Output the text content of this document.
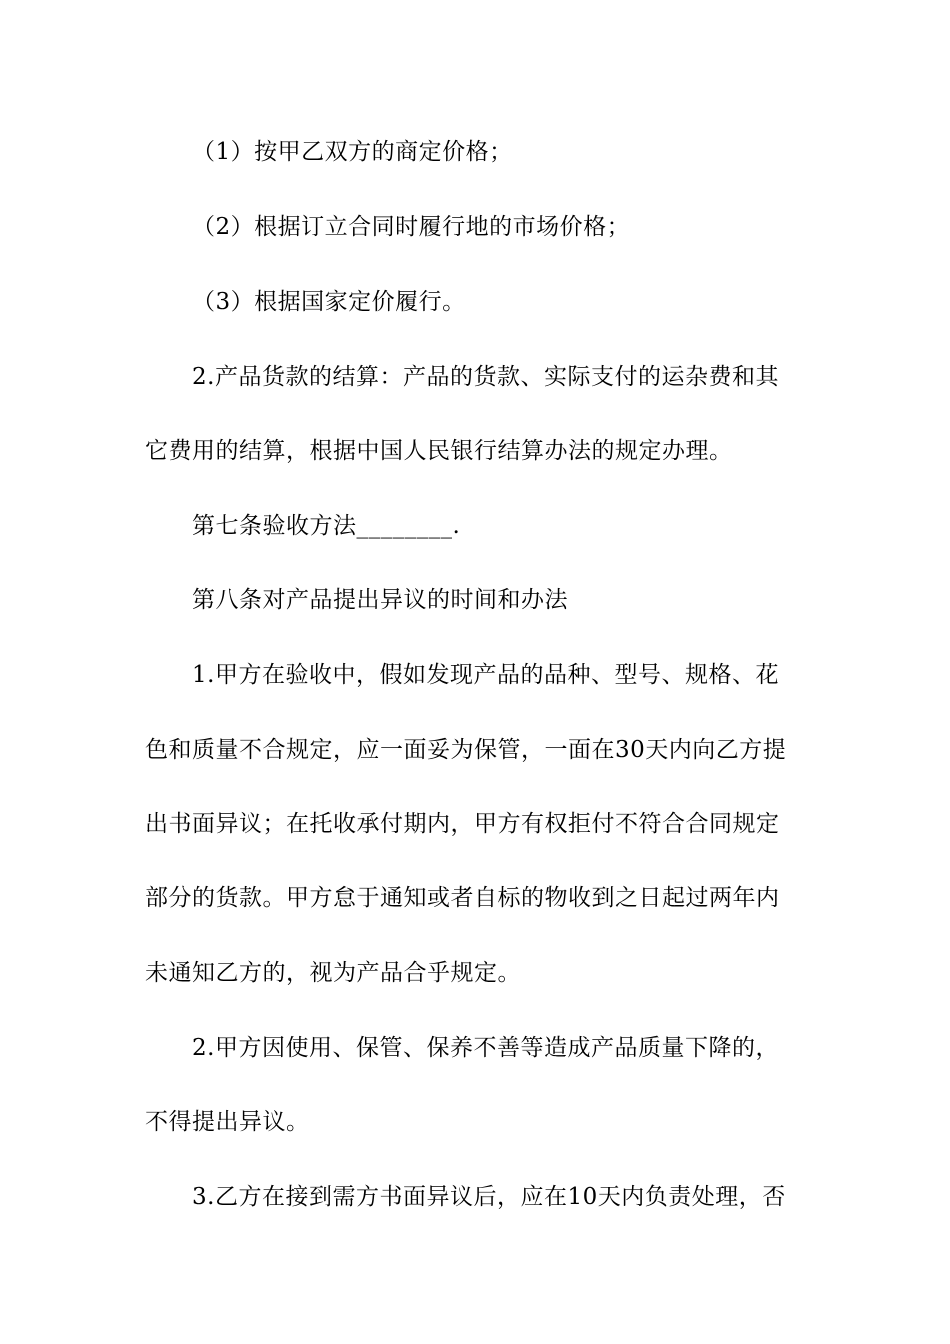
（1）按甲乙双方的商定价格；
（2）根据订立合同时履行地的市场价格；
（3）根据国家定价履行。
2.产品货款的结算：产品的货款、实际支付的运杂费和其
它费用的结算，根据中国人民银行结算办法的规定办理。
第七条验收方法________.
第八条对产品提出异议的时间和办法
1.甲方在验收中，假如发现产品的品种、型号、规格、花
色和质量不合规定，应一面妥为保管，一面在30天内向乙方提
出书面异议；在托收承付期内，甲方有权拒付不符合合同规定
部分的货款。甲方怠于通知或者自标的物收到之日起过两年内
未通知乙方的，视为产品合乎规定。
2.甲方因使用、保管、保养不善等造成产品质量下降的，
不得提出异议。
3.乙方在接到需方书面异议后，应在10天内负责处理，否
